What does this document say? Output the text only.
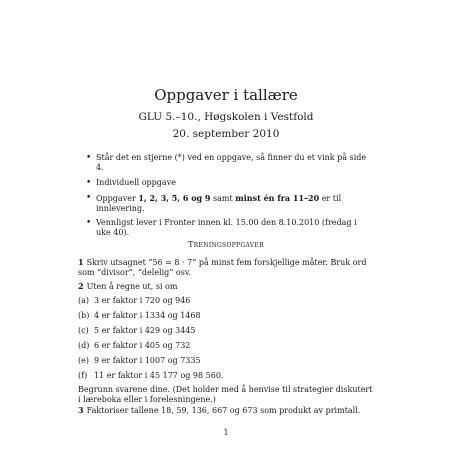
Oppgaver i tallære
GLU 5.–10., Høgskolen i Vestfold
20. september 2010
• Står det en stjerne (*) ved en oppgave, så finner du et vink på side 4.
• Individuell oppgave
• Oppgaver 1, 2, 3, 5, 6 og 9 samt minst én fra 11–20 er til innlevering.
• Vennligst lever i Fronter innen kl. 15.00 den 8.10.2010 (fredag i uke 40).
Treningsoppgaver
1 Skriv utsagnet “56 = 8 · 7” på minst fem forskjellige måter. Bruk ord som “divisor”, “delelig” osv.
2 Uten å regne ut, si om
(a) 3 er faktor i 720 og 946
(b) 4 er faktor i 1334 og 1468
(c) 5 er faktor i 429 og 3445
(d) 6 er faktor i 405 og 732
(e) 9 er faktor i 1007 og 7335
(f) 11 er faktor i 45 177 og 98 560.
Begrunn svarene dine. (Det holder med å henvise til strategier diskutert i læreboka eller i forelesningene.)
3 Faktoriser tallene 18, 59, 136, 667 og 673 som produkt av primtall.
1
